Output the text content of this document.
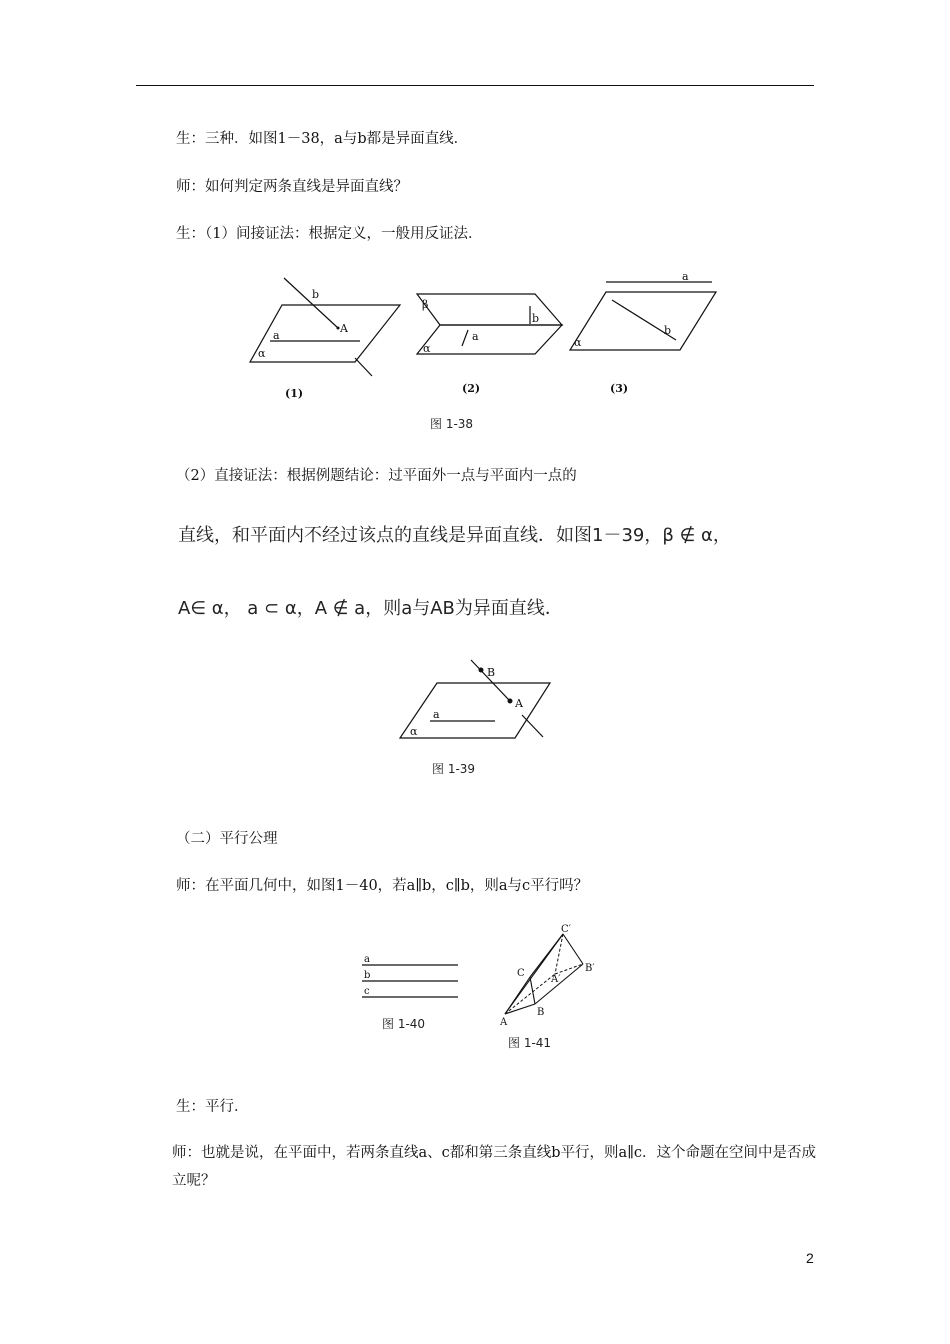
生：三种．如图1－38，a与b都是异面直线．
师：如何判定两条直线是异面直线？
生：（1）间接证法：根据定义，一般用反证法．
b
A
a
α
β
b
a
α
a
b
α
(1)	(2)	(3)
图 1-38
（2）直接证法：根据例题结论：过平面外一点与平面内一点的
直线，和平面内不经过该点的直线是异面直线．如图1－39，β ∉ α，
A∈ α， a ⊂ α，A ∉ a，则a与AB为异面直线．
B
A
a
α
图 1-39
（二）平行公理
师：在平面几何中，如图1－40，若a∥b，c∥b，则a与c平行吗？
a
b
c
图 1-40
C′
A′
B′
C
B
A
图 1-41
生：平行．
师：也就是说，在平面中，若两条直线a、c都和第三条直线b平行，则a∥c．这个命题在空间中是否成立呢？
2
